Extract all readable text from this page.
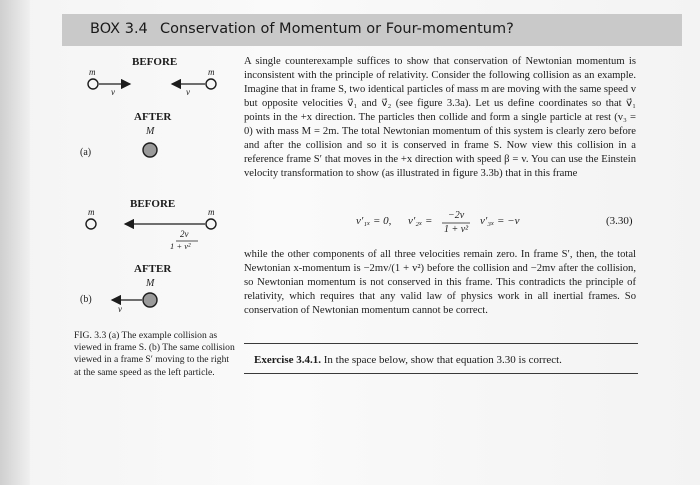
BOX 3.4 Conservation of Momentum or Four-momentum?
BEFORE
m	m
v	v
AFTER
M
(a)
BEFORE
m	m
2v
1 + v²
AFTER
M
v
(b)
FIG. 3.3 (a) The example collision as viewed in frame S. (b) The same collision viewed in a frame S′ moving to the right at the same speed as the left particle.

A single counterexample suffices to show that conservation of Newtonian momentum is inconsistent with the principle of relativity. Consider the following collision as an example. Imagine that in frame S, two identical particles of mass m are moving with the same speed v but opposite velocities v⃗₁ and v⃗₂ (see figure 3.3a). Let us define coordinates so that v⃗₁ points in the +x direction. The particles then collide and form a single particle at rest (v₃ = 0) with mass M = 2m. The total Newtonian momentum of this system is clearly zero before and after the collision and so it is conserved in frame S. Now view this collision in a reference frame S′ that moves in the +x direction with speed β = v. You can use the Einstein velocity transformation to show (as illustrated in figure 3.3b) that in this frame

v′₁ₓ = 0, v′₂ₓ = −2v
1 + v²
v′₃ₓ = −v	(3.30)

while the other components of all three velocities remain zero. In frame S′, then, the total Newtonian x-momentum is −2mv/(1 + v²) before the collision and −2mv after the collision, so Newtonian momentum is not conserved in this frame. This contradicts the principle of relativity, which requires that any valid law of physics work in all inertial frames. So conservation of Newtonian momentum cannot be correct.

Exercise 3.4.1. In the space below, show that equation 3.30 is correct.
